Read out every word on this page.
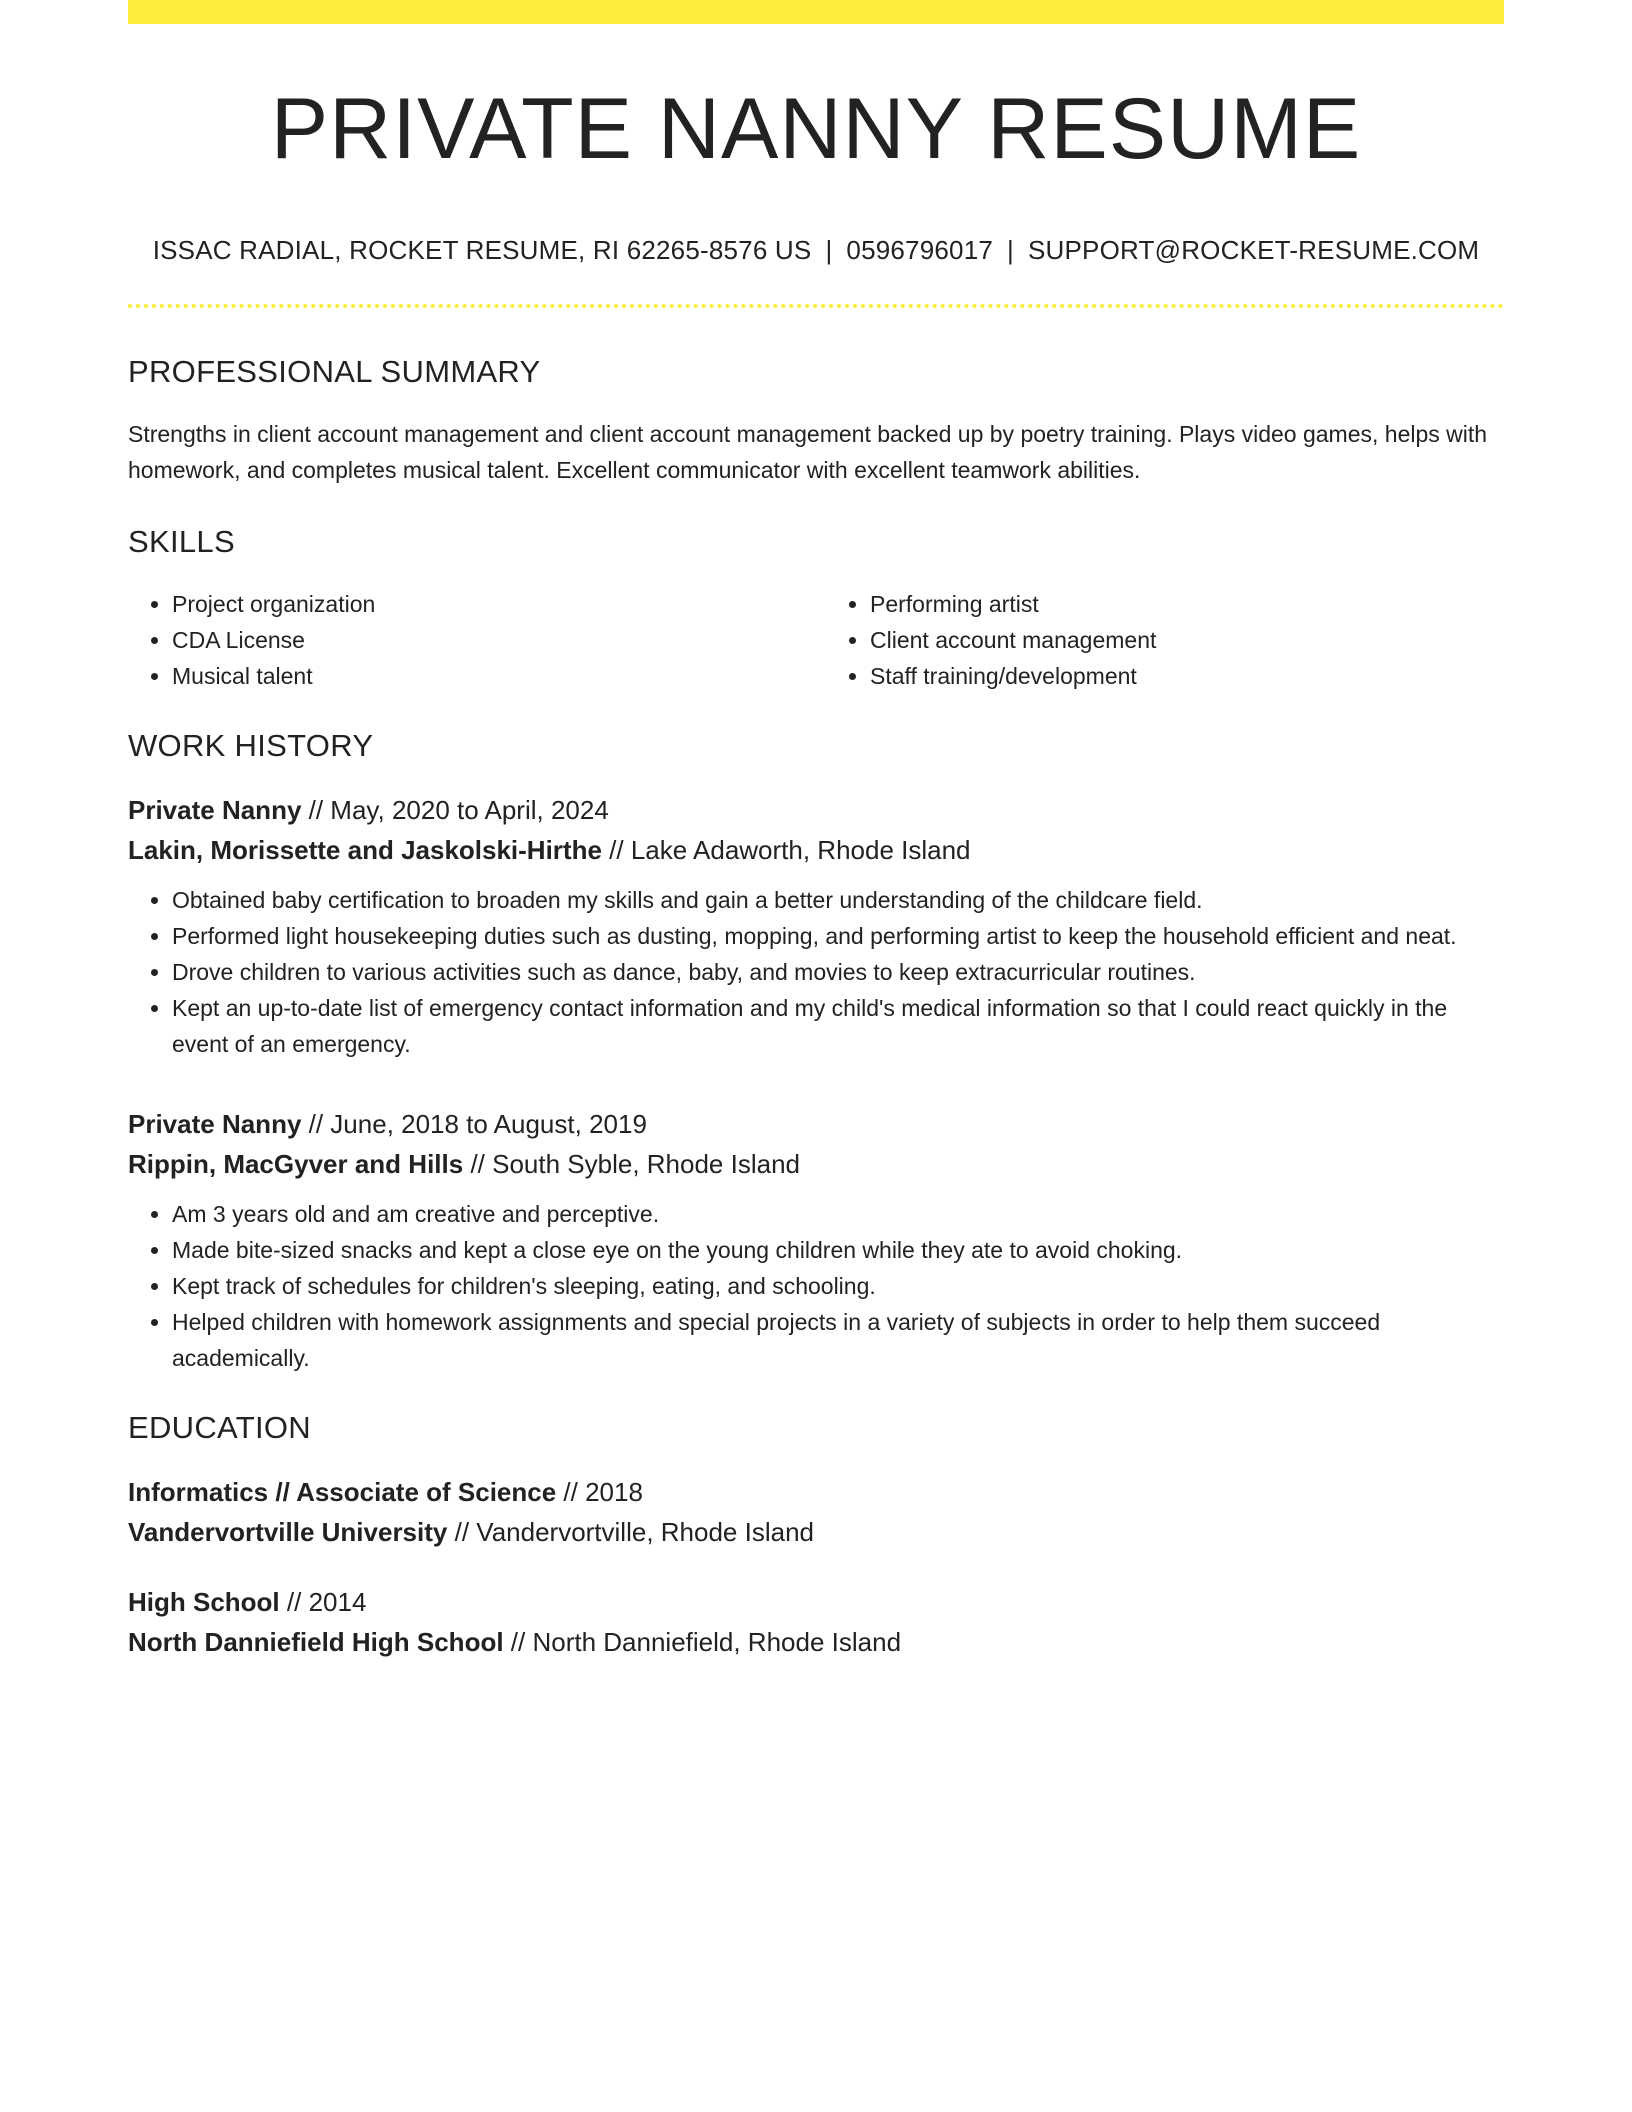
PRIVATE NANNY RESUME
ISSAC RADIAL, ROCKET RESUME, RI 62265-8576 US | 0596796017 | SUPPORT@ROCKET-RESUME.COM
PROFESSIONAL SUMMARY
Strengths in client account management and client account management backed up by poetry training. Plays video games, helps with homework, and completes musical talent. Excellent communicator with excellent teamwork abilities.
SKILLS
• Project organization
• CDA License
• Musical talent
• Performing artist
• Client account management
• Staff training/development
WORK HISTORY
Private Nanny // May, 2020 to April, 2024
Lakin, Morissette and Jaskolski-Hirthe // Lake Adaworth, Rhode Island
• Obtained baby certification to broaden my skills and gain a better understanding of the childcare field.
• Performed light housekeeping duties such as dusting, mopping, and performing artist to keep the household efficient and neat.
• Drove children to various activities such as dance, baby, and movies to keep extracurricular routines.
• Kept an up-to-date list of emergency contact information and my child's medical information so that I could react quickly in the event of an emergency.
Private Nanny // June, 2018 to August, 2019
Rippin, MacGyver and Hills // South Syble, Rhode Island
• Am 3 years old and am creative and perceptive.
• Made bite-sized snacks and kept a close eye on the young children while they ate to avoid choking.
• Kept track of schedules for children's sleeping, eating, and schooling.
• Helped children with homework assignments and special projects in a variety of subjects in order to help them succeed academically.
EDUCATION
Informatics // Associate of Science // 2018
Vandervortville University // Vandervortville, Rhode Island
High School // 2014
North Danniefield High School // North Danniefield, Rhode Island
